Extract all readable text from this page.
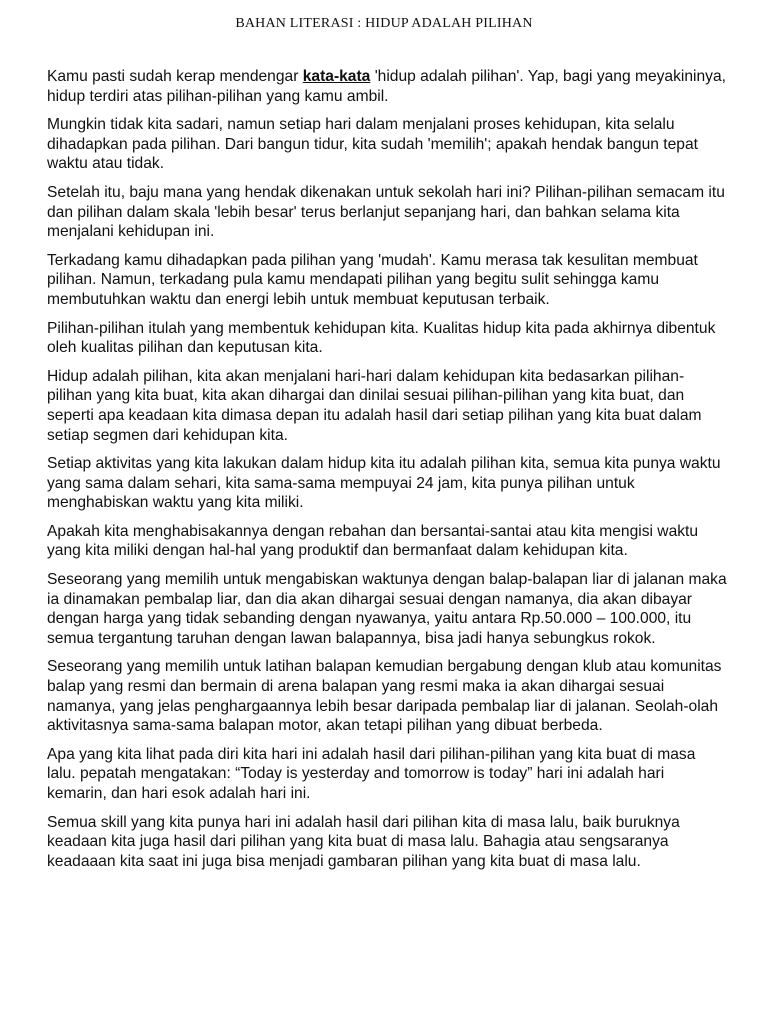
BAHAN LITERASI : HIDUP ADALAH PILIHAN

Kamu pasti sudah kerap mendengar kata-kata 'hidup adalah pilihan'. Yap, bagi yang meyakininya, hidup terdiri atas pilihan-pilihan yang kamu ambil.

Mungkin tidak kita sadari, namun setiap hari dalam menjalani proses kehidupan, kita selalu dihadapkan pada pilihan. Dari bangun tidur, kita sudah 'memilih'; apakah hendak bangun tepat waktu atau tidak.

Setelah itu, baju mana yang hendak dikenakan untuk sekolah hari ini? Pilihan-pilihan semacam itu dan pilihan dalam skala 'lebih besar' terus berlanjut sepanjang hari, dan bahkan selama kita menjalani kehidupan ini.

Terkadang kamu dihadapkan pada pilihan yang 'mudah'. Kamu merasa tak kesulitan membuat pilihan. Namun, terkadang pula kamu mendapati pilihan yang begitu sulit sehingga kamu membutuhkan waktu dan energi lebih untuk membuat keputusan terbaik.

Pilihan-pilihan itulah yang membentuk kehidupan kita. Kualitas hidup kita pada akhirnya dibentuk oleh kualitas pilihan dan keputusan kita.

Hidup adalah pilihan, kita akan menjalani hari-hari dalam kehidupan kita bedasarkan pilihan-pilihan yang kita buat, kita akan dihargai dan dinilai sesuai pilihan-pilihan yang kita buat, dan seperti apa keadaan kita dimasa depan itu adalah hasil dari setiap pilihan yang kita buat dalam setiap segmen dari kehidupan kita.

Setiap aktivitas yang kita lakukan dalam hidup kita itu adalah pilihan kita, semua kita punya waktu yang sama dalam sehari, kita sama-sama mempuyai 24 jam, kita punya pilihan untuk menghabiskan waktu yang kita miliki.

Apakah kita menghabisakannya dengan rebahan dan bersantai-santai atau kita mengisi waktu yang kita miliki dengan hal-hal yang produktif dan bermanfaat dalam kehidupan kita.

Seseorang yang memilih untuk mengabiskan waktunya dengan balap-balapan liar di jalanan maka ia dinamakan pembalap liar, dan dia akan dihargai sesuai dengan namanya, dia akan dibayar dengan harga yang tidak sebanding dengan nyawanya, yaitu antara Rp.50.000 – 100.000, itu semua tergantung taruhan dengan lawan balapannya, bisa jadi hanya sebungkus rokok.

Seseorang yang memilih untuk latihan balapan kemudian bergabung dengan klub atau komunitas balap yang resmi dan bermain di arena balapan yang resmi maka ia akan dihargai sesuai namanya, yang jelas penghargaannya lebih besar daripada pembalap liar di jalanan. Seolah-olah aktivitasnya sama-sama balapan motor, akan tetapi pilihan yang dibuat berbeda.

Apa yang kita lihat pada diri kita hari ini adalah hasil dari pilihan-pilihan yang kita buat di masa lalu. pepatah mengatakan: “Today is yesterday and tomorrow is today” hari ini adalah hari kemarin, dan hari esok adalah hari ini.

Semua skill yang kita punya hari ini adalah hasil dari pilihan kita di masa lalu, baik buruknya keadaan kita juga hasil dari pilihan yang kita buat di masa lalu. Bahagia atau sengsaranya keadaaan kita saat ini juga bisa menjadi gambaran pilihan yang kita buat di masa lalu.
